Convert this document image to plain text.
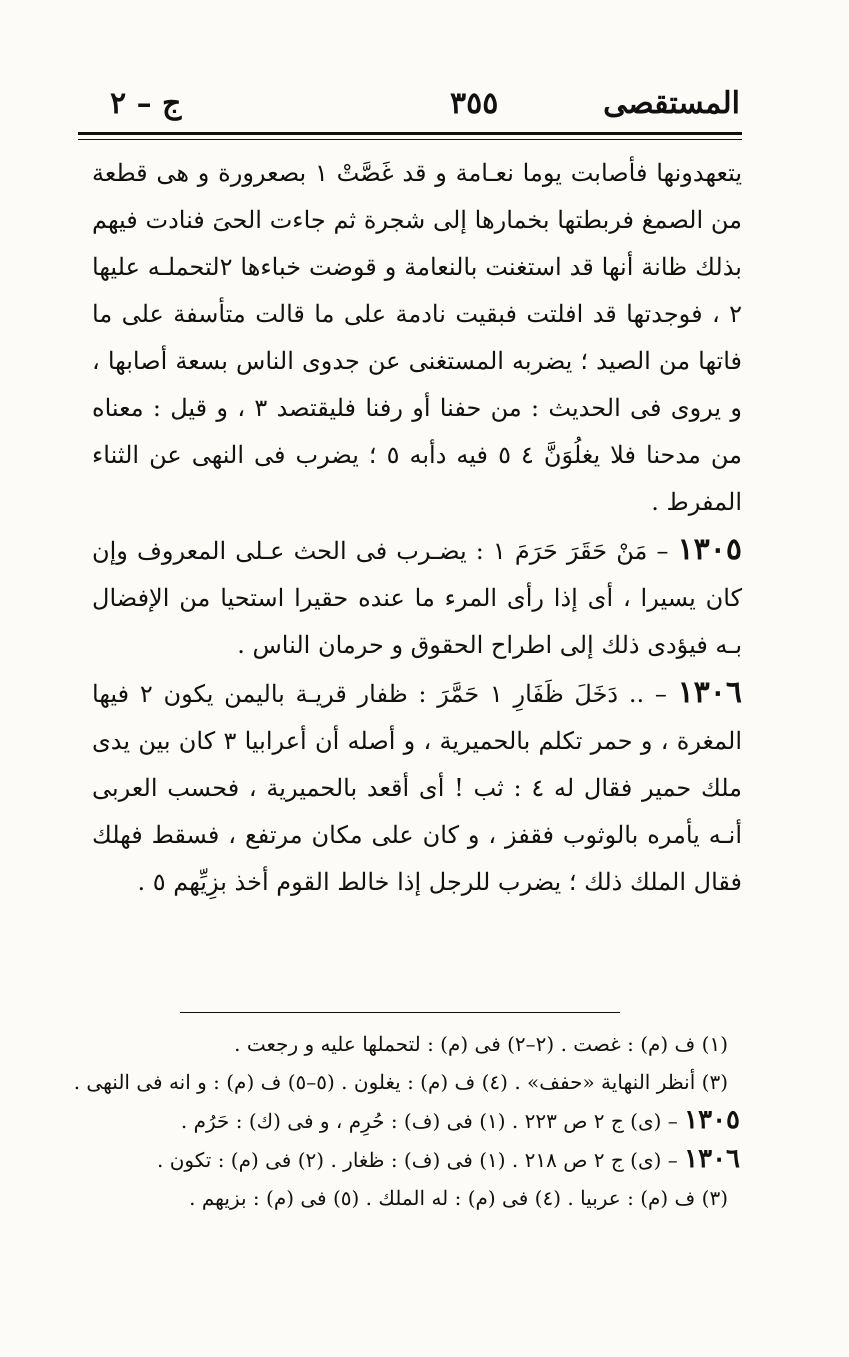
المستقصى
٣٥٥
ج – ٢

يتعهدونها فأصابت يوما نعـامة و قد غَصَّتْ ١ بصعرورة و هى قطعة من الصمغ فربطتها بخمارها إلى شجرة ثم جاءت الحىَ فنادت فيهم بذلك ظانة أنها قد استغنت بالنعامة و قوضت خباءها ٢لتحملـه عليها ٢ ، فوجدتها قد افلتت فبقيت نادمة على ما قالت متأسفة على ما فاتها من الصيد ؛ يضربه المستغنى عن جدوى الناس بسعة أصابها ، و يروى فى الحديث : من حفنا أو رفنا فليقتصد ٣ ، و قيل : معناه من مدحنا فلا يغلُوَنَّ ٤ ٥ فيه دأبه ٥ ؛ يضرب فى النهى عن الثناء المفرط .

١٣٠٥ – مَنْ حَقَرَ حَرَمَ ١ : يضـرب فى الحث عـلى المعروف وإن كان يسيرا ، أى إذا رأى المرء ما عنده حقيرا استحيا من الإفضال بـه فيؤدى ذلك إلى اطراح الحقوق و حرمان الناس .

١٣٠٦ – .. دَخَلَ ظَفَارِ ١ حَمَّرَ : ظفار قريـة باليمن يكون ٢ فيها المغرة ، و حمر تكلم بالحميرية ، و أصله أن أعرابيا ٣ كان بين يدى ملك حمير فقال له ٤ : ثب ! أى أقعد بالحميرية ، فحسب العربى أنـه يأمره بالوثوب فقفز ، و كان على مكان مرتفع ، فسقط فهلك فقال الملك ذلك ؛ يضرب للرجل إذا خالط القوم أخذ بزِيِّهم ٥ .

(١) ف (م) : غصت . (٢–٢) فى (م) : لتحملها عليه و رجعت .
(٣) أنظر النهاية «حفف» . (٤) ف (م) : يغلون . (٥–٥) ف (م) : و انه فى النهى .
١٣٠٥ – (ى) ج ٢ ص ٢٢٣ . (١) فى (ف) : حُرِم ، و فى (ك) : حَرُم .
١٣٠٦ – (ى) ج ٢ ص ٢١٨ . (١) فى (ف) : ظغار . (٢) فى (م) : تكون .
(٣) ف (م) : عربيا . (٤) فى (م) : له الملك . (٥) فى (م) : بزيهم .
